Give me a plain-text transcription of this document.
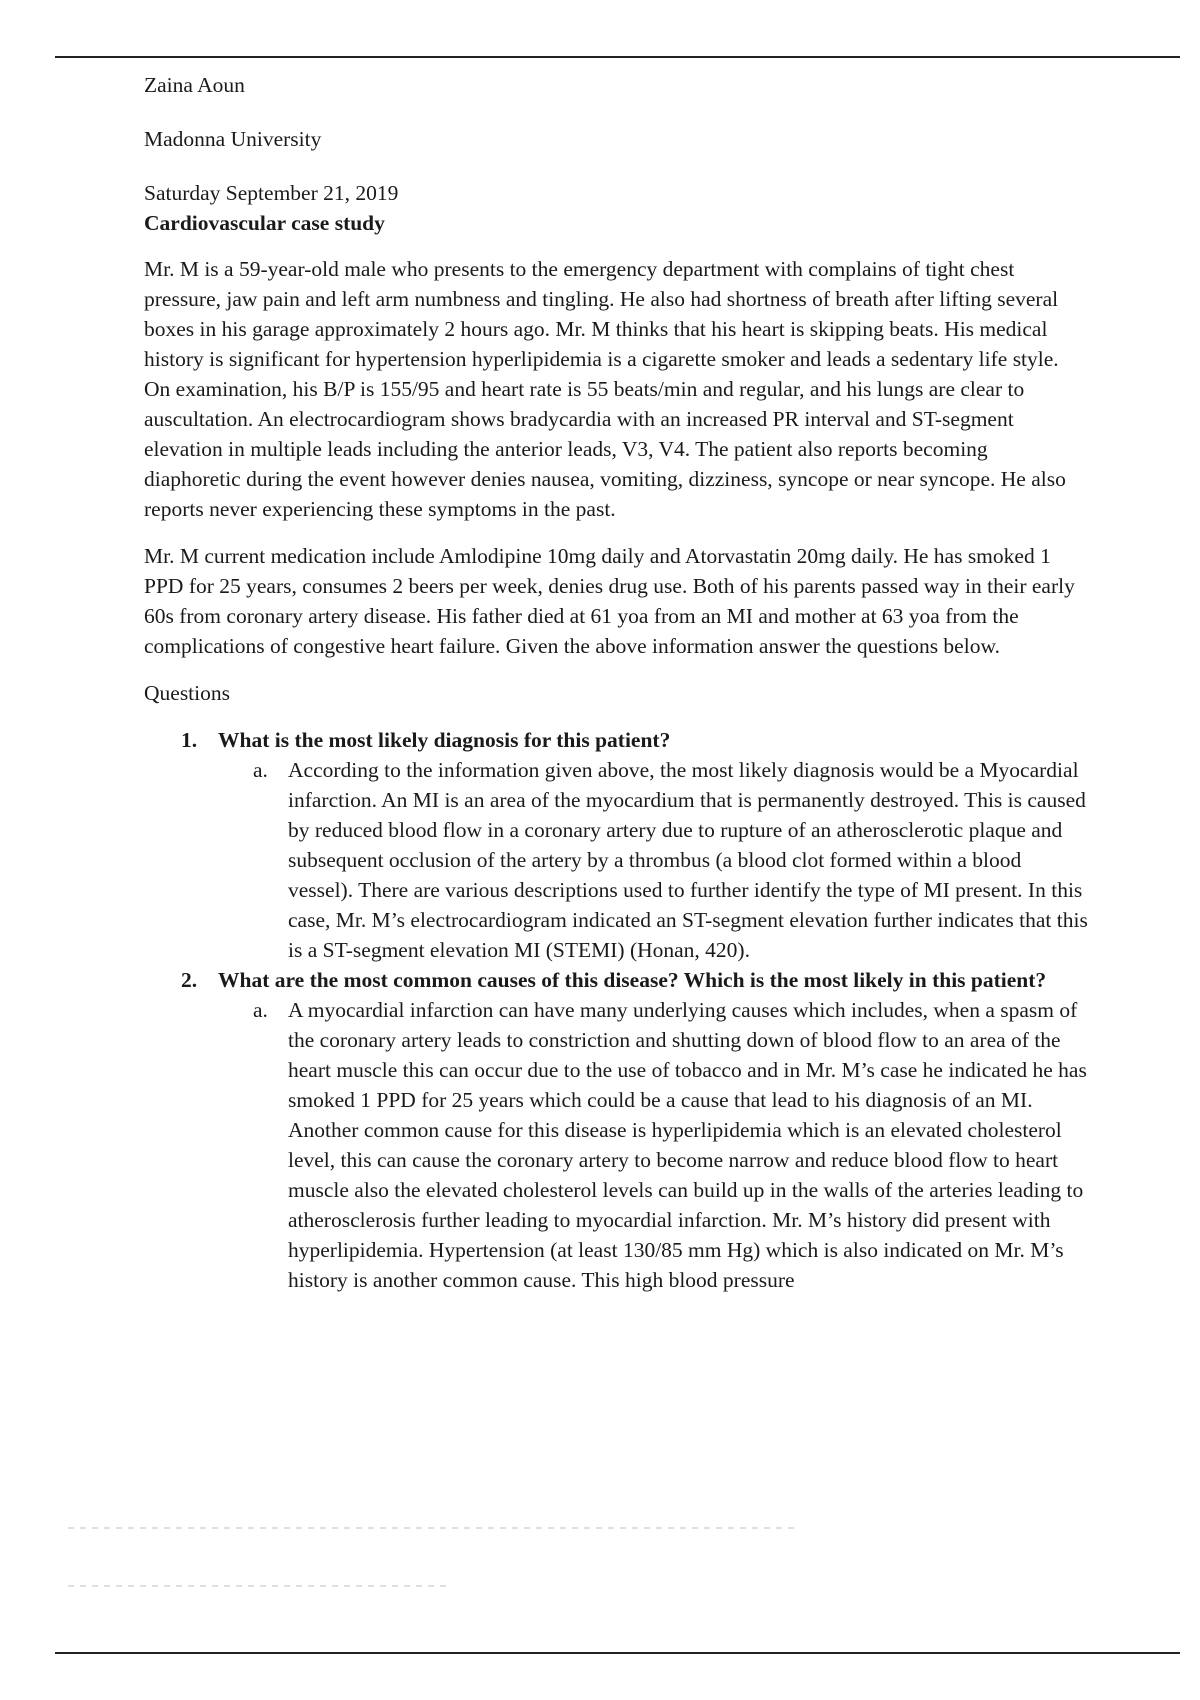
Zaina Aoun

Madonna University

Saturday September 21, 2019

Cardiovascular case study

Mr. M is a 59-year-old male who presents to the emergency department with complains of tight chest pressure, jaw pain and left arm numbness and tingling. He also had shortness of breath after lifting several boxes in his garage approximately 2 hours ago. Mr. M thinks that his heart is skipping beats. His medical history is significant for hypertension hyperlipidemia is a cigarette smoker and leads a sedentary life style. On examination, his B/P is 155/95 and heart rate is 55 beats/min and regular, and his lungs are clear to auscultation. An electrocardiogram shows bradycardia with an increased PR interval and ST-segment elevation in multiple leads including the anterior leads, V3, V4. The patient also reports becoming diaphoretic during the event however denies nausea, vomiting, dizziness, syncope or near syncope. He also reports never experiencing these symptoms in the past.

Mr. M current medication include Amlodipine 10mg daily and Atorvastatin 20mg daily. He has smoked 1 PPD for 25 years, consumes 2 beers per week, denies drug use. Both of his parents passed way in their early 60s from coronary artery disease. His father died at 61 yoa from an MI and mother at 63 yoa from the complications of congestive heart failure. Given the above information answer the questions below.

Questions

1. What is the most likely diagnosis for this patient?
a. According to the information given above, the most likely diagnosis would be a Myocardial infarction. An MI is an area of the myocardium that is permanently destroyed. This is caused by reduced blood flow in a coronary artery due to rupture of an atherosclerotic plaque and subsequent occlusion of the artery by a thrombus (a blood clot formed within a blood vessel). There are various descriptions used to further identify the type of MI present. In this case, Mr. M’s electrocardiogram indicated an ST-segment elevation further indicates that this is a ST-segment elevation MI (STEMI) (Honan, 420).
2. What are the most common causes of this disease? Which is the most likely in this patient?
a. A myocardial infarction can have many underlying causes which includes, when a spasm of the coronary artery leads to constriction and shutting down of blood flow to an area of the heart muscle this can occur due to the use of tobacco and in Mr. M’s case he indicated he has smoked 1 PPD for 25 years which could be a cause that lead to his diagnosis of an MI. Another common cause for this disease is hyperlipidemia which is an elevated cholesterol level, this can cause the coronary artery to become narrow and reduce blood flow to heart muscle also the elevated cholesterol levels can build up in the walls of the arteries leading to atherosclerosis further leading to myocardial infarction. Mr. M’s history did present with hyperlipidemia. Hypertension (at least 130/85 mm Hg) which is also indicated on Mr. M’s history is another common cause. This high blood pressure
